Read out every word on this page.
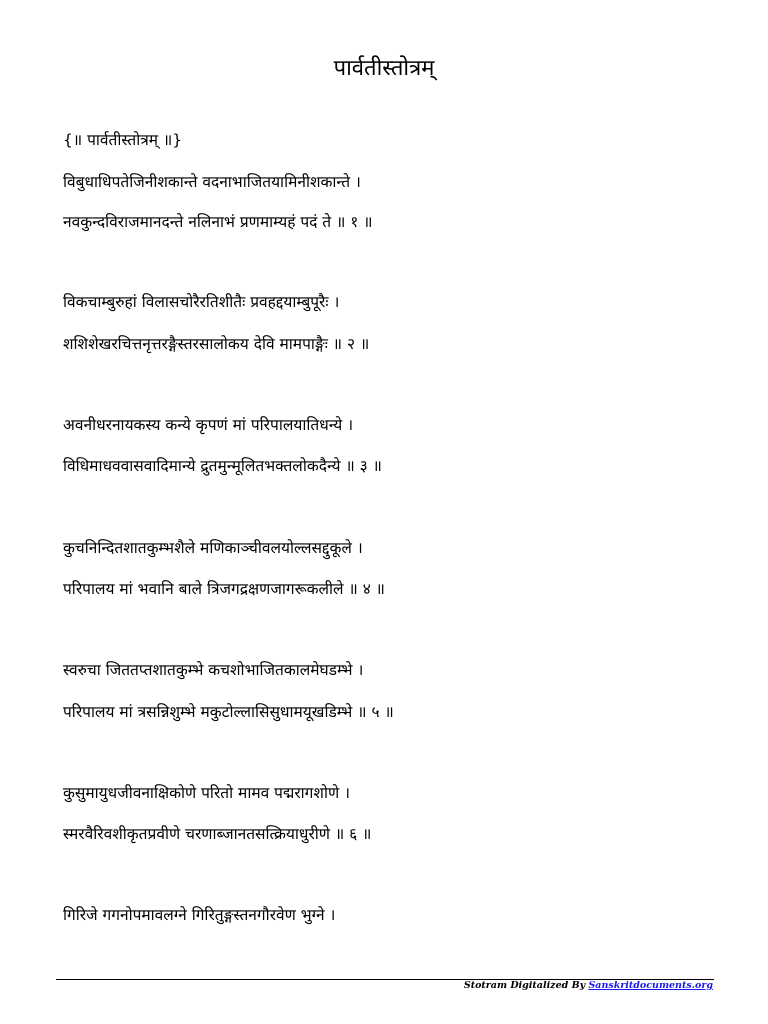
पार्वतीस्तोत्रम्
{॥ पार्वतीस्तोत्रम् ॥}
विबुधाधिपतेजिनीशकान्ते वदनाभाजितयामिनीशकान्ते ।
नवकुन्दविराजमानदन्ते नलिनाभं प्रणमाम्यहं पदं ते ॥ १ ॥
विकचाम्बुरुहां विलासचोरैरतिशीतैः प्रवहद्दयाम्बुपूरैः ।
शशिशेखरचित्तनृत्तरङ्गैस्तरसालोकय देवि मामपाङ्गैः ॥ २ ॥
अवनीधरनायकस्य कन्ये कृपणं मां परिपालयातिधन्ये ।
विधिमाधववासवादिमान्ये द्रुतमुन्मूलितभक्तलोकदैन्ये ॥ ३ ॥
कुचनिन्दितशातकुम्भशैले मणिकाञ्चीवलयोल्लसद्दुकूले ।
परिपालय मां भवानि बाले त्रिजगद्रक्षणजागरूकलीले ॥ ४ ॥
स्वरुचा जिततप्तशातकुम्भे कचशोभाजितकालमेघडम्भे ।
परिपालय मां त्रसन्निशुम्भे मकुटोल्लासिसुधामयूखडिम्भे ॥ ५ ॥
कुसुमायुधजीवनाक्षिकोणे परितो मामव पद्मरागशोणे ।
स्मरवैरिवशीकृतप्रवीणे चरणाब्जानतसत्क्रियाधुरीणे ॥ ६ ॥
गिरिजे गगनोपमावलग्ने गिरितुङ्गस्तनगौरवेण भुग्ने ।
Stotram Digitalized By Sanskritdocuments.org
